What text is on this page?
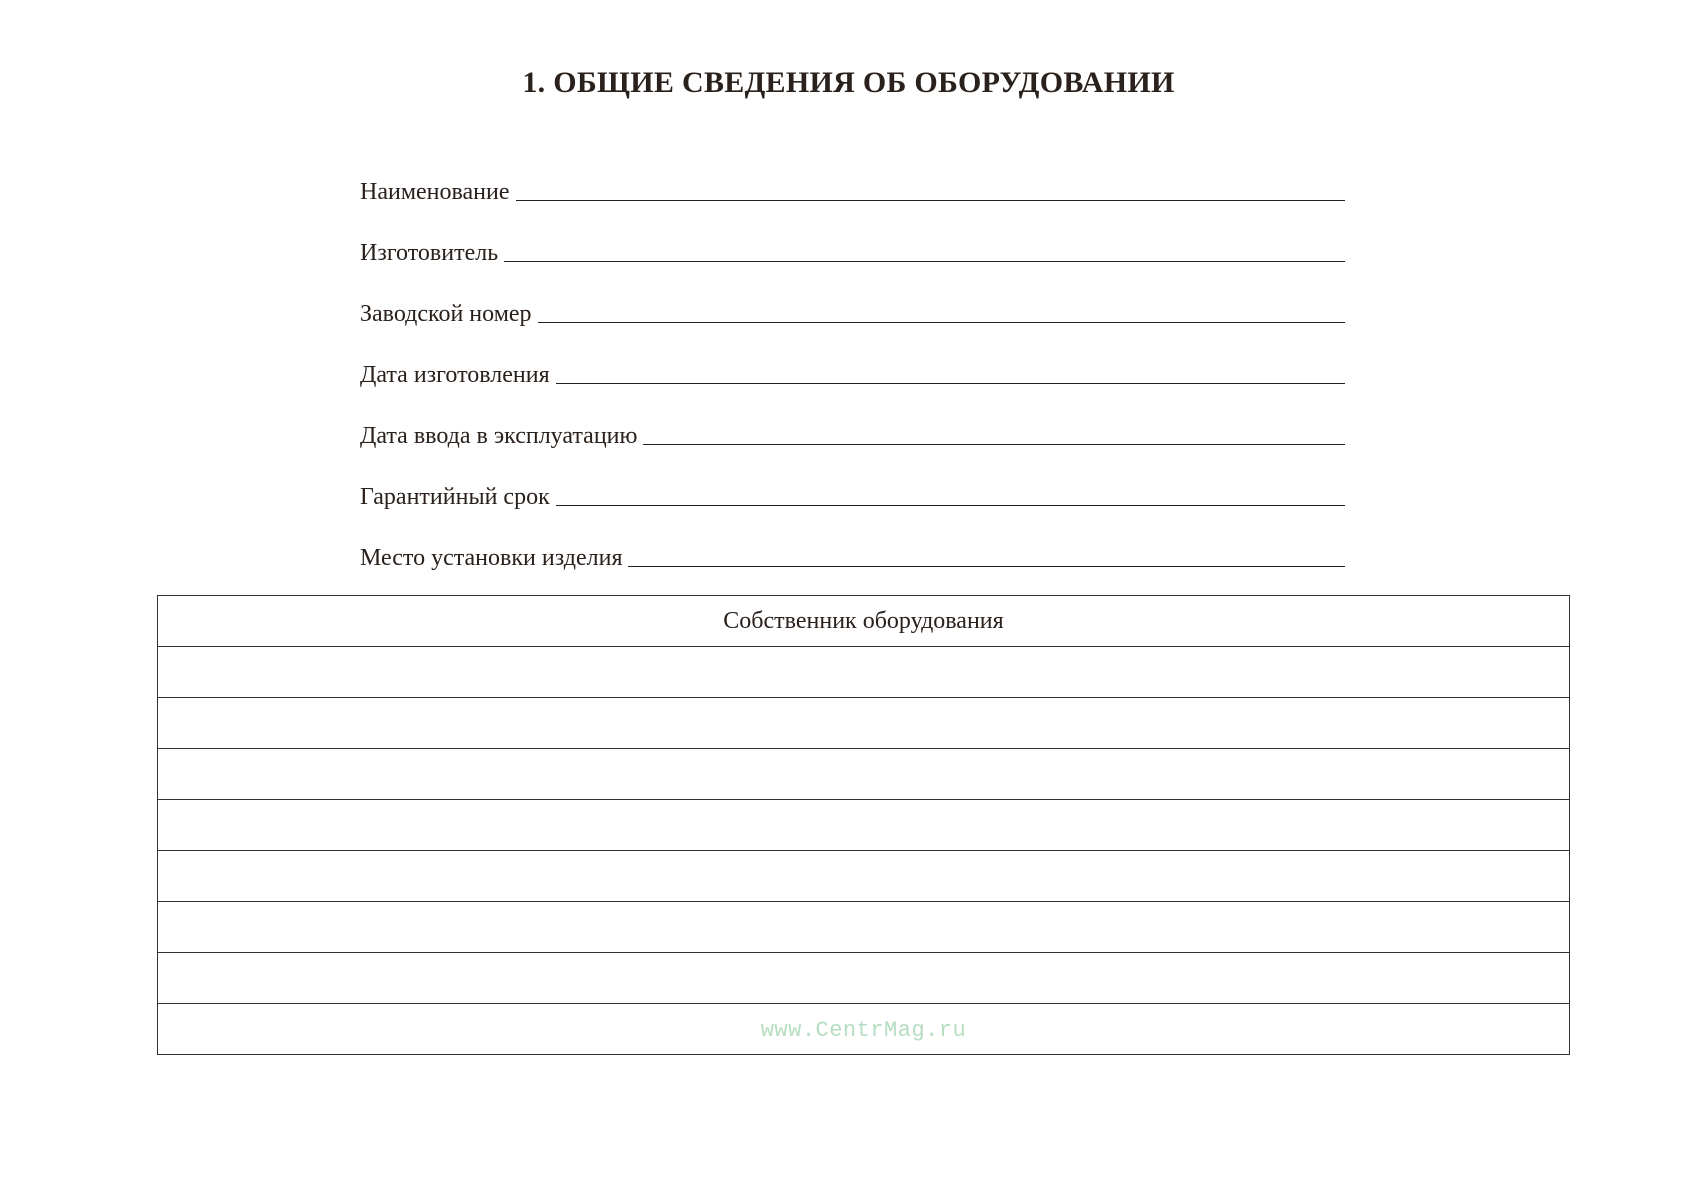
1. ОБЩИЕ СВЕДЕНИЯ ОБ ОБОРУДОВАНИИ
Наименование
Изготовитель
Заводской номер
Дата изготовления
Дата ввода в эксплуатацию
Гарантийный срок
Место установки изделия
Собственник оборудования

www.CentrMag.ru
